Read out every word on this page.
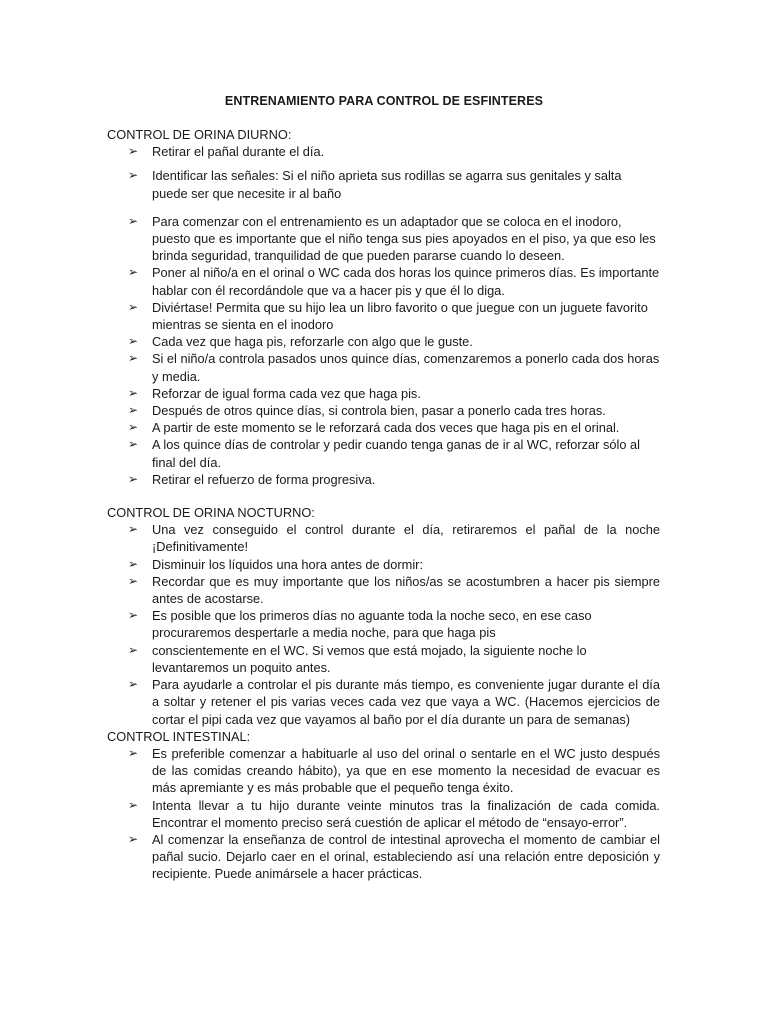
ENTRENAMIENTO PARA CONTROL DE ESFINTERES

CONTROL DE ORINA DIURNO:

➢ Retirar el pañal durante el día.
➢ Identificar las señales: Si el niño aprieta sus rodillas se agarra sus genitales y salta puede ser que necesite ir al baño
➢ Para comenzar con el entrenamiento es un adaptador que se coloca en el inodoro, puesto que es importante que el niño tenga sus pies apoyados en el piso, ya que eso les brinda seguridad, tranquilidad de que pueden pararse cuando lo deseen.
➢ Poner al niño/a en el orinal o WC cada dos horas los quince primeros días. Es importante hablar con él recordándole que va a hacer pis y que él lo diga.
➢ Diviértase! Permita que su hijo lea un libro favorito o que juegue con un juguete favorito mientras se sienta en el inodoro
➢ Cada vez que haga pis, reforzarle con algo que le guste.
➢ Si el niño/a controla pasados unos quince días, comenzaremos a ponerlo cada dos horas y media.
➢ Reforzar de igual forma cada vez que haga pis.
➢ Después de otros quince días, si controla bien, pasar a ponerlo cada tres horas.
➢ A partir de este momento se le reforzará cada dos veces que haga pis en el orinal.
➢ A los quince días de controlar y pedir cuando tenga ganas de ir al WC, reforzar sólo al final del día.
➢ Retirar el refuerzo de forma progresiva.

CONTROL DE ORINA NOCTURNO:

➢ Una vez conseguido el control durante el día, retiraremos el pañal de la noche ¡Definitivamente!
➢ Disminuir los líquidos una hora antes de dormir:
➢ Recordar que es muy importante que los niños/as se acostumbren a hacer pis siempre antes de acostarse.
➢ Es posible que los primeros días no aguante toda la noche seco, en ese caso procuraremos despertarle a media noche, para que haga pis
➢ conscientemente en el WC. Si vemos que está mojado, la siguiente noche lo levantaremos un poquito antes.
➢ Para ayudarle a controlar el pis durante más tiempo, es conveniente jugar durante el día a soltar y retener el pis varias veces cada vez que vaya a WC. (Hacemos ejercicios de cortar el pipi cada vez que vayamos al baño por el día durante un para de semanas)

CONTROL INTESTINAL:

➢ Es preferible comenzar a habituarle al uso del orinal o sentarle en el WC justo después de las comidas creando hábito), ya que en ese momento la necesidad de evacuar es más apremiante y es más probable que el pequeño tenga éxito.
➢ Intenta llevar a tu hijo durante veinte minutos tras la finalización de cada comida. Encontrar el momento preciso será cuestión de aplicar el método de “ensayo-error”.
➢ Al comenzar la enseñanza de control de intestinal aprovecha el momento de cambiar el pañal sucio. Dejarlo caer en el orinal, estableciendo así una relación entre deposición y recipiente. Puede animársele a hacer prácticas.
